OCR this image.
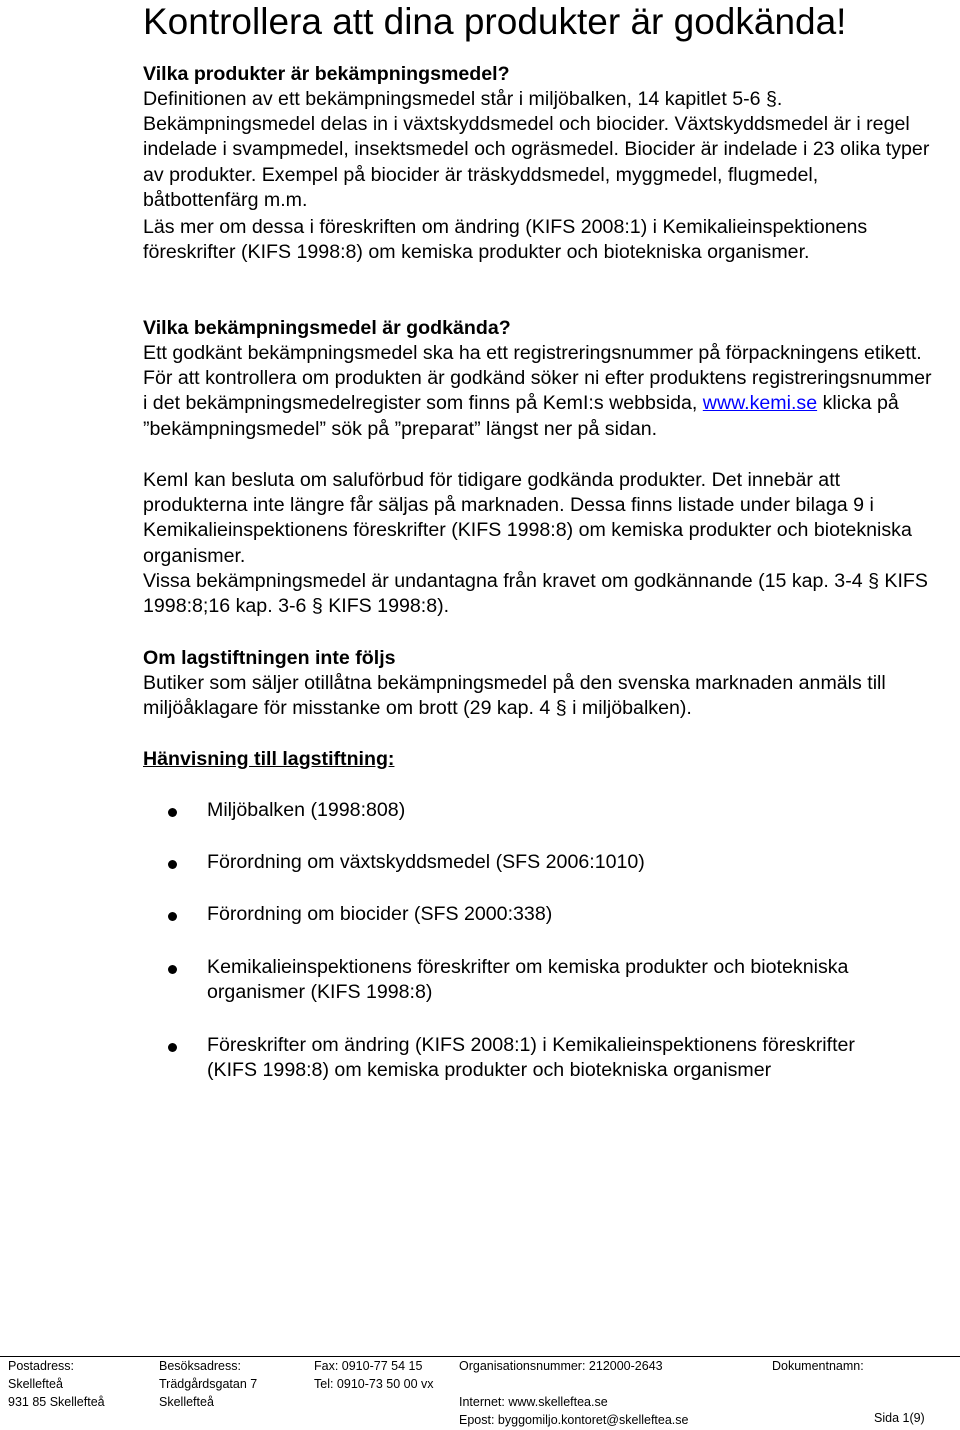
Kontrollera att dina produkter är godkända!

Vilka produkter är bekämpningsmedel?

Definitionen av ett bekämpningsmedel står i miljöbalken, 14 kapitlet 5-6 §. Bekämpningsmedel delas in i växtskyddsmedel och biocider. Växtskyddsmedel är i regel indelade i svampmedel, insektsmedel och ogräsmedel. Biocider är indelade i 23 olika typer av produkter. Exempel på biocider är träskyddsmedel, myggmedel, flugmedel, båtbottenfärg m.m.

Läs mer om dessa i föreskriften om ändring (KIFS 2008:1) i Kemikalieinspektionens föreskrifter (KIFS 1998:8) om kemiska produkter och biotekniska organismer.

Vilka bekämpningsmedel är godkända?

Ett godkänt bekämpningsmedel ska ha ett registreringsnummer på förpackningens etikett. För att kontrollera om produkten är godkänd söker ni efter produktens registreringsnummer i det bekämpningsmedelregister som finns på KemI:s webbsida, www.kemi.se klicka på ”bekämpningsmedel” sök på ”preparat” längst ner på sidan.

KemI kan besluta om saluförbud för tidigare godkända produkter. Det innebär att produkterna inte längre får säljas på marknaden. Dessa finns listade under bilaga 9 i Kemikalieinspektionens föreskrifter (KIFS 1998:8) om kemiska produkter och biotekniska organismer.

Vissa bekämpningsmedel är undantagna från kravet om godkännande (15 kap. 3-4 § KIFS 1998:8;16 kap. 3-6 § KIFS 1998:8).

Om lagstiftningen inte följs

Butiker som säljer otillåtna bekämpningsmedel på den svenska marknaden anmäls till miljöåklagare för misstanke om brott (29 kap. 4 § i miljöbalken).

Hänvisning till lagstiftning:

Miljöbalken (1998:808)
Förordning om växtskyddsmedel (SFS 2006:1010)
Förordning om biocider (SFS 2000:338)
Kemikalieinspektionens föreskrifter om kemiska produkter och biotekniska organismer (KIFS 1998:8)
Föreskrifter om ändring (KIFS 2008:1) i Kemikalieinspektionens föreskrifter (KIFS 1998:8) om kemiska produkter och biotekniska organismer
Postadress:
Skellefteå
931 85 Skellefteå
Besöksadress:
Trädgårdsgatan 7
Skellefteå
Fax: 0910-77 54 15
Tel: 0910-73 50 00 vx
Organisationsnummer: 212000-2643
Internet: www.skelleftea.se
Epost: byggomiljo.kontoret@skelleftea.se
Dokumentnamn:
Sida 1(9)
